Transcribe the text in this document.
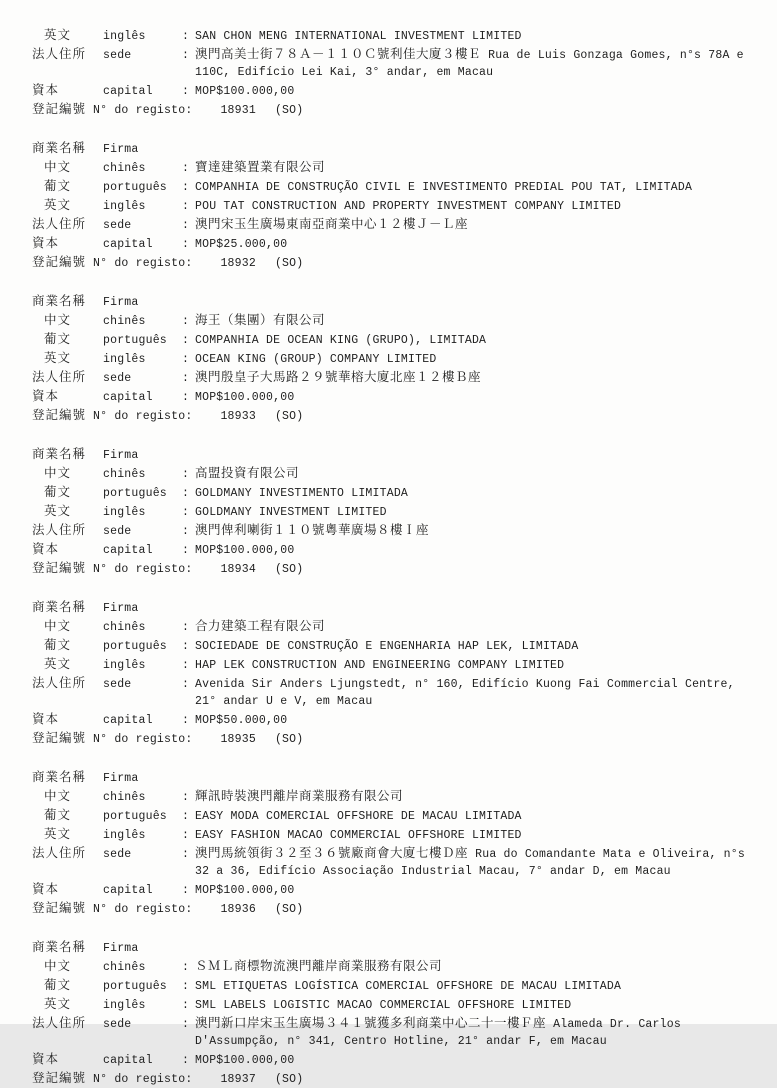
英文	inglês	: SAN CHON MENG INTERNATIONAL INVESTMENT LIMITED
法人住所	sede	: 澳門高美士街７８Ａ－１１０Ｃ號利佳大廈３樓Ｅ Rua de Luis Gonzaga Gomes, n°s 78A e 110C, Edifício Lei Kai, 3° andar, em Macau
資本	capital	: MOP$100.000,00
登記編號 N° do registo: 18931 (SO)
商業名稱	Firma
中文	chinês	: 寶達建築置業有限公司
葡文	português	: COMPANHIA DE CONSTRUÇÃO CIVIL E INVESTIMENTO PREDIAL POU TAT, LIMITADA
英文	inglês	: POU TAT CONSTRUCTION AND PROPERTY INVESTMENT COMPANY LIMITED
法人住所	sede	: 澳門宋玉生廣場東南亞商業中心１２樓Ｊ－Ｌ座
資本	capital	: MOP$25.000,00
登記編號 N° do registo: 18932 (SO)
商業名稱	Firma
中文	chinês	: 海王（集團）有限公司
葡文	português	: COMPANHIA DE OCEAN KING (GRUPO), LIMITADA
英文	inglês	: OCEAN KING (GROUP) COMPANY LIMITED
法人住所	sede	: 澳門殷皇子大馬路２９號華榕大廈北座１２樓Ｂ座
資本	capital	: MOP$100.000,00
登記編號 N° do registo: 18933 (SO)
商業名稱	Firma
中文	chinês	: 高盟投資有限公司
葡文	português	: GOLDMANY INVESTIMENTO LIMITADA
英文	inglês	: GOLDMANY INVESTMENT LIMITED
法人住所	sede	: 澳門俾利喇街１１０號粵華廣場８樓Ｉ座
資本	capital	: MOP$100.000,00
登記編號 N° do registo: 18934 (SO)
商業名稱	Firma
中文	chinês	: 合力建築工程有限公司
葡文	português	: SOCIEDADE DE CONSTRUÇÃO E ENGENHARIA HAP LEK, LIMITADA
英文	inglês	: HAP LEK CONSTRUCTION AND ENGINEERING COMPANY LIMITED
法人住所	sede	: Avenida Sir Anders Ljungstedt, n° 160, Edifício Kuong Fai Commercial Centre, 21° andar U e V, em Macau
資本	capital	: MOP$50.000,00
登記編號 N° do registo: 18935 (SO)
商業名稱	Firma
中文	chinês	: 輝訊時裝澳門離岸商業服務有限公司
葡文	português	: EASY MODA COMERCIAL OFFSHORE DE MACAU LIMITADA
英文	inglês	: EASY FASHION MACAO COMMERCIAL OFFSHORE LIMITED
法人住所	sede	: 澳門馬統領街３２至３６號廠商會大廈七樓Ｄ座 Rua do Comandante Mata e Oliveira, n°s 32 a 36, Edifício Associação Industrial Macau, 7° andar D, em Macau
資本	capital	: MOP$100.000,00
登記編號 N° do registo: 18936 (SO)
商業名稱	Firma
中文	chinês	: ＳＭＬ商標物流澳門離岸商業服務有限公司
葡文	português	: SML ETIQUETAS LOGÍSTICA COMERCIAL OFFSHORE DE MACAU LIMITADA
英文	inglês	: SML LABELS LOGISTIC MACAO COMMERCIAL OFFSHORE LIMITED
法人住所	sede	: 澳門新口岸宋玉生廣場３４１號獲多利商業中心二十一樓Ｆ座 Alameda Dr. Carlos D'Assumpção, n° 341, Centro Hotline, 21° andar F, em Macau
資本	capital	: MOP$100.000,00
登記編號 N° do registo: 18937 (SO)
